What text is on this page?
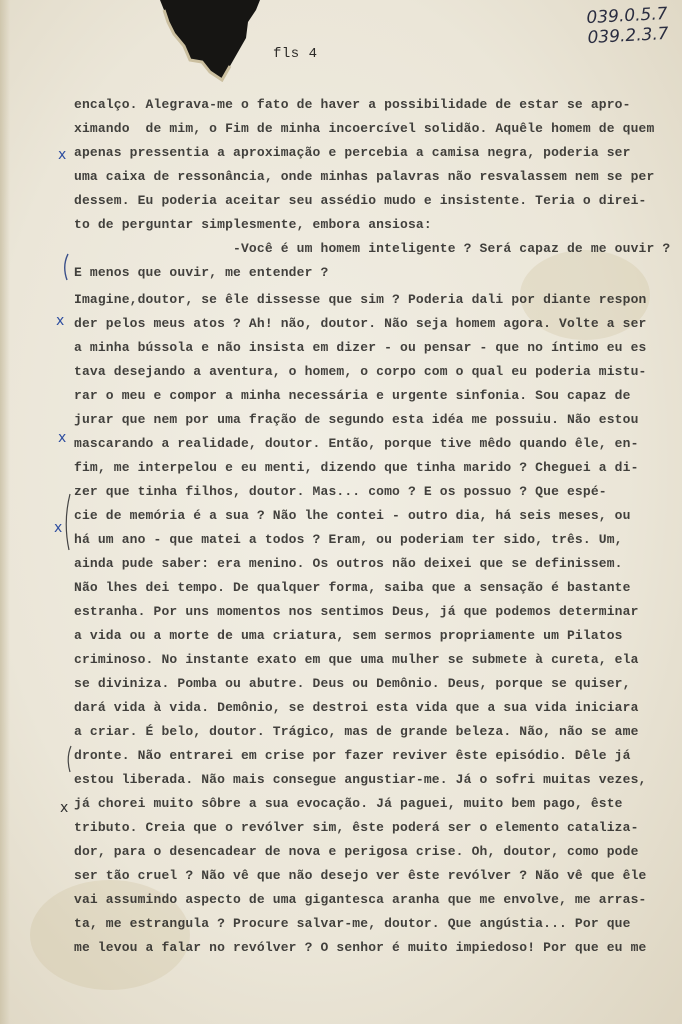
fls 4
039.0.5.7
039.2.3.7
encalço. Alegrava-me o fato de haver a possibilidade de estar se apro-
ximando  de mim, o Fim de minha incoercível solidão. Aquêle homem de quem
apenas pressentia a aproximação e percebia a camisa negra, poderia ser
uma caixa de ressonância, onde minhas palavras não resvalassem nem se per
dessem. Eu poderia aceitar seu assédio mudo e insistente. Teria o direi-
to de perguntar simplesmente, embora ansiosa:
-Você é um homem inteligente ? Será capaz de me ouvir ?
E menos que ouvir, me entender ?
Imagine,doutor, se êle dissesse que sim ? Poderia dali por diante respon
der pelos meus atos ? Ah! não, doutor. Não seja homem agora. Volte a ser
a minha bússola e não insista em dizer - ou pensar - que no íntimo eu es
tava desejando a aventura, o homem, o corpo com o qual eu poderia mistu-
rar o meu e compor a minha necessária e urgente sinfonia. Sou capaz de
jurar que nem por uma fração de segundo esta idéa me possuiu. Não estou
mascarando a realidade, doutor. Então, porque tive mêdo quando êle, en-
fim, me interpelou e eu menti, dizendo que tinha marido ? Cheguei a di-
zer que tinha filhos, doutor. Mas... como ? E os possuo ? Que espé-
cie de memória é a sua ? Não lhe contei - outro dia, há seis meses, ou
há um ano - que matei a todos ? Eram, ou poderiam ter sido, três. Um,
ainda pude saber: era menino. Os outros não deixei que se definissem.
Não lhes dei tempo. De qualquer forma, saiba que a sensação é bastante
estranha. Por uns momentos nos sentimos Deus, já que podemos determinar
a vida ou a morte de uma criatura, sem sermos propriamente um Pilatos
criminoso. No instante exato em que uma mulher se submete à cureta, ela
se diviniza. Pomba ou abutre. Deus ou Demônio. Deus, porque se quiser,
dará vida à vida. Demônio, se destroi esta vida que a sua vida iniciara
a criar. É belo, doutor. Trágico, mas de grande beleza. Não, não se ame
dronte. Não entrarei em crise por fazer reviver êste episódio. Dêle já
estou liberada. Não mais consegue angustiar-me. Já o sofri muitas vezes,
já chorei muito sôbre a sua evocação. Já paguei, muito bem pago, êste
tributo. Creia que o revólver sim, êste poderá ser o elemento cataliza-
dor, para o desencadear de nova e perigosa crise. Oh, doutor, como pode
ser tão cruel ? Não vê que não desejo ver êste revólver ? Não vê que êle
vai assumindo aspecto de uma gigantesca aranha que me envolve, me arras-
ta, me estrangula ? Procure salvar-me, doutor. Que angústia... Por que
me levou a falar no revólver ? O senhor é muito impiedoso! Por que eu me
x
x
x
x
x
